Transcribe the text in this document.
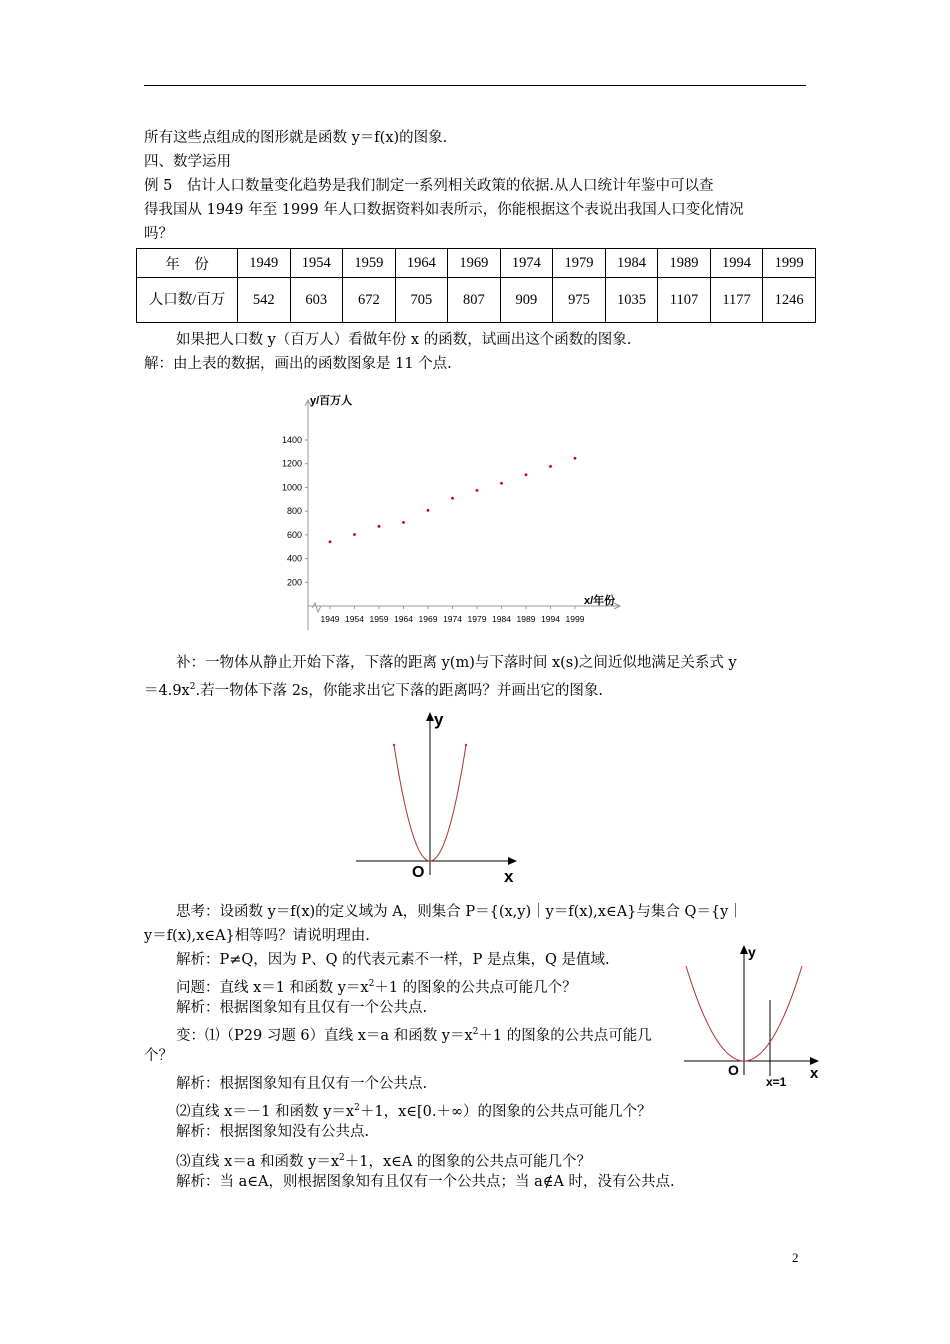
所有这些点组成的图形就是函数 y＝f(x)的图象.
四、数学运用
例 5　估计人口数量变化趋势是我们制定一系列相关政策的依据.从人口统计年鉴中可以查
得我国从 1949 年至 1999 年人口数据资料如表所示，你能根据这个表说出我国人口变化情况
吗？
年　份	1949	1954	1959	1964	1969	1974	1979	1984	1989	1994	1999
人口数/百万	542	603	672	705	807	909	975	1035	1107	1177	1246
如果把人口数 y（百万人）看做年份 x 的函数，试画出这个函数的图象.
解：由上表的数据，画出的函数图象是 11 个点.
200
400
600
800
1000
1200
1400
1949 1954 1959 1964 1969 1974 1979 1984 1989 1994 1999
y/百万人
x/年份
补：一物体从静止开始下落，下落的距离 y(m)与下落时间 x(s)之间近似地满足关系式 y
$=4.9x^2$.若一物体下落 2s，你能求出它下落的距离吗？并画出它的图象.
y
O	x
思考：设函数 y＝f(x)的定义域为 A，则集合 P＝{(x,y)｜y＝f(x),x∈A}与集合 Q＝{y｜
y＝f(x),x∈A}相等吗？请说明理由.
解析：P≠Q，因为 P、Q 的代表元素不一样，P 是点集，Q 是值域.
问题：直线 x＝1 和函数 $y=x^2+1$ 的图象的公共点可能几个？
解析：根据图象知有且仅有一个公共点.
变：⑴（P29 习题 6）直线 x＝a 和函数 $y=x^2+1$ 的图象的公共点可能几
个？
解析：根据图象知有且仅有一个公共点.
⑵直线 x＝－1 和函数 $y=x^2+1$，x∈[0.＋∞）的图象的公共点可能几个？
解析：根据图象知没有公共点.
⑶直线 x＝a 和函数 $y=x^2+1$，x∈A 的图象的公共点可能几个？
解析：当 a∈A，则根据图象知有且仅有一个公共点；当 a∉A 时，没有公共点.
y
O	x
x=1
2
